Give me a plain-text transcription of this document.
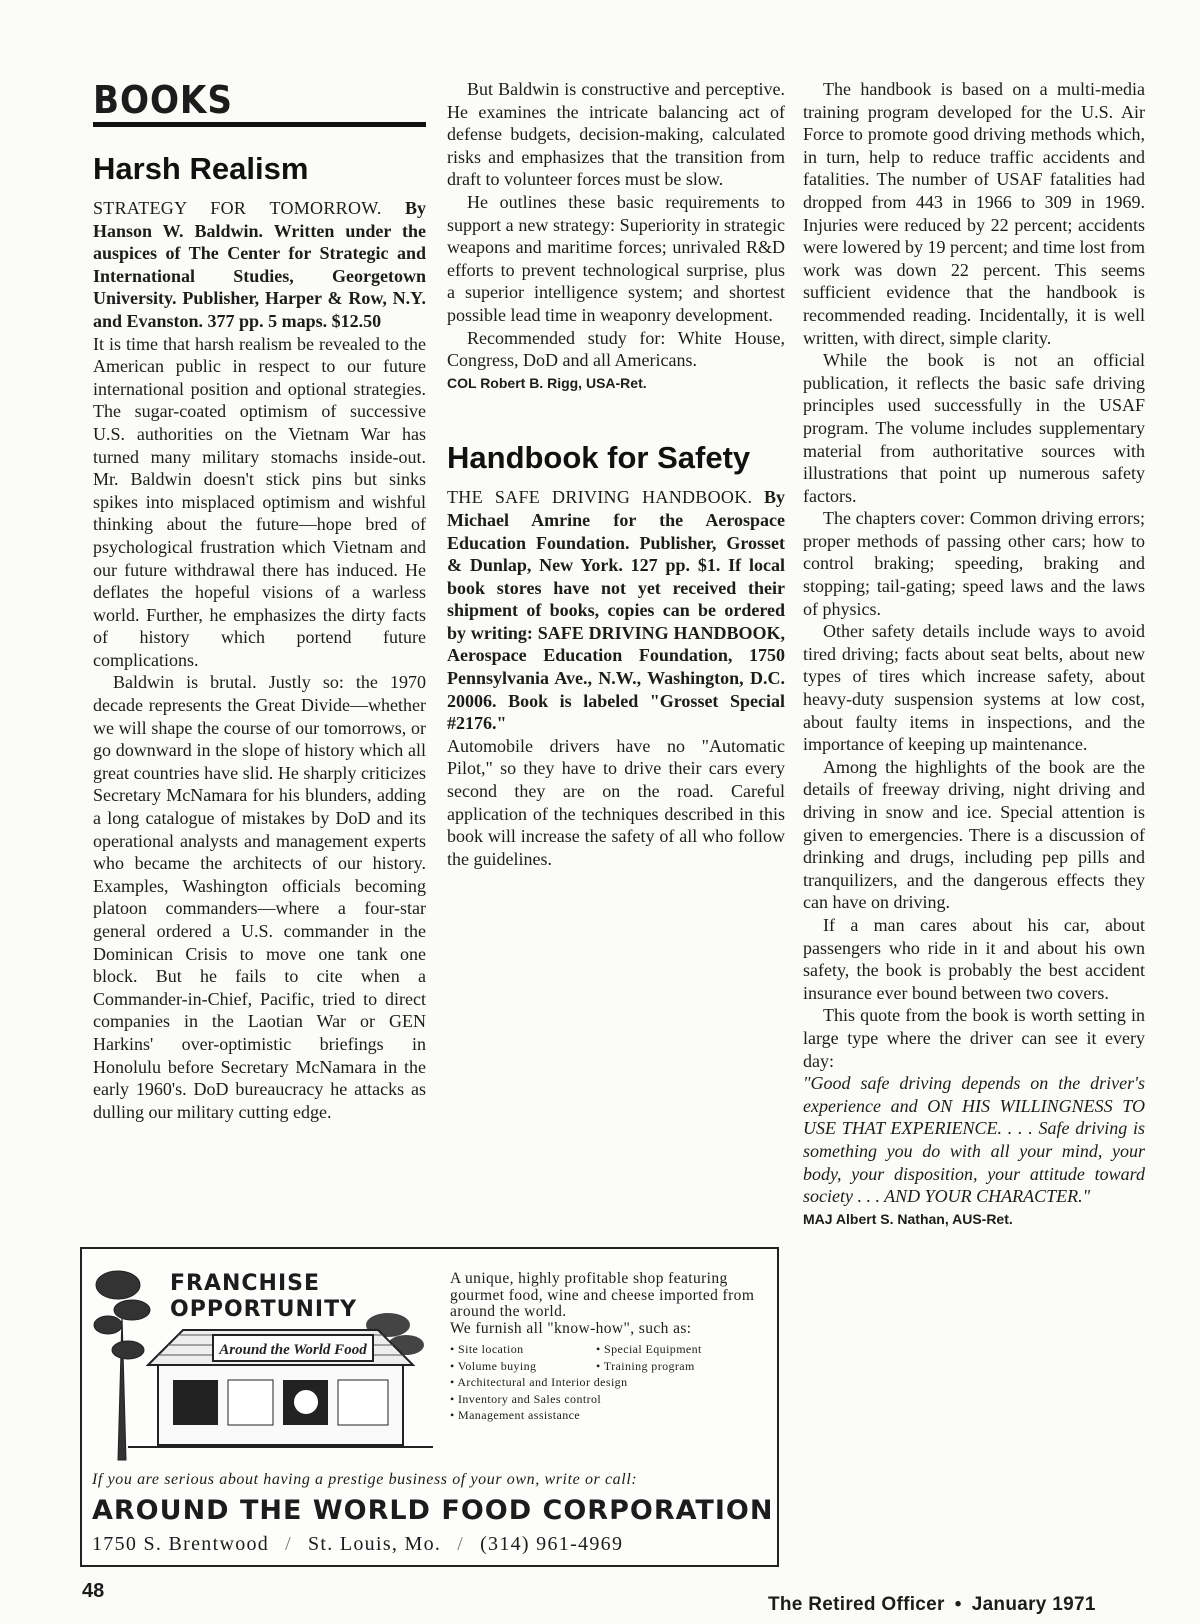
BOOKS
Harsh Realism

STRATEGY FOR TOMORROW. By Hanson W. Baldwin. Written under the auspices of The Center for Strategic and International Studies, Georgetown University. Publisher, Harper & Row, N.Y. and Evanston. 377 pp. 5 maps. $12.50

It is time that harsh realism be revealed to the American public in respect to our future international position and optional strategies. The sugar-coated optimism of successive U.S. authorities on the Vietnam War has turned many military stomachs inside-out. Mr. Baldwin doesn't stick pins but sinks spikes into misplaced optimism and wishful thinking about the future—hope bred of psychological frustration which Vietnam and our future withdrawal there has induced. He deflates the hopeful visions of a warless world. Further, he emphasizes the dirty facts of history which portend future complications.

Baldwin is brutal. Justly so: the 1970 decade represents the Great Divide—whether we will shape the course of our tomorrows, or go downward in the slope of history which all great countries have slid. He sharply criticizes Secretary McNamara for his blunders, adding a long catalogue of mistakes by DoD and its operational analysts and management experts who became the architects of our history. Examples, Washington officials becoming platoon commanders—where a four-star general ordered a U.S. commander in the Dominican Crisis to move one tank one block. But he fails to cite when a Commander-in-Chief, Pacific, tried to direct companies in the Laotian War or GEN Harkins' over-optimistic briefings in Honolulu before Secretary McNamara in the early 1960's. DoD bureaucracy he attacks as dulling our military cutting edge.

But Baldwin is constructive and perceptive. He examines the intricate balancing act of defense budgets, decision-making, calculated risks and emphasizes that the transition from draft to volunteer forces must be slow.

He outlines these basic requirements to support a new strategy: Superiority in strategic weapons and maritime forces; unrivaled R&D efforts to prevent technological surprise, plus a superior intelligence system; and shortest possible lead time in weaponry development.

Recommended study for: White House, Congress, DoD and all Americans.

COL Robert B. Rigg, USA-Ret.

Handbook for Safety

THE SAFE DRIVING HANDBOOK. By Michael Amrine for the Aerospace Education Foundation. Publisher, Grosset & Dunlap, New York. 127 pp. $1. If local book stores have not yet received their shipment of books, copies can be ordered by writing: SAFE DRIVING HANDBOOK, Aerospace Education Foundation, 1750 Pennsylvania Ave., N.W., Washington, D.C. 20006. Book is labeled "Grosset Special #2176."

Automobile drivers have no "Automatic Pilot," so they have to drive their cars every second they are on the road. Careful application of the techniques described in this book will increase the safety of all who follow the guidelines.

The handbook is based on a multi-media training program developed for the U.S. Air Force to promote good driving methods which, in turn, help to reduce traffic accidents and fatalities. The number of USAF fatalities had dropped from 443 in 1966 to 309 in 1969. Injuries were reduced by 22 percent; accidents were lowered by 19 percent; and time lost from work was down 22 percent. This seems sufficient evidence that the handbook is recommended reading. Incidentally, it is well written, with direct, simple clarity.

While the book is not an official publication, it reflects the basic safe driving principles used successfully in the USAF program. The volume includes supplementary material from authoritative sources with illustrations that point up numerous safety factors.

The chapters cover: Common driving errors; proper methods of passing other cars; how to control braking; speeding, braking and stopping; tail-gating; speed laws and the laws of physics.

Other safety details include ways to avoid tired driving; facts about seat belts, about new types of tires which increase safety, about heavy-duty suspension systems at low cost, about faulty items in inspections, and the importance of keeping up maintenance.

Among the highlights of the book are the details of freeway driving, night driving and driving in snow and ice. Special attention is given to emergencies. There is a discussion of drinking and drugs, including pep pills and tranquilizers, and the dangerous effects they can have on driving.

If a man cares about his car, about passengers who ride in it and about his own safety, the book is probably the best accident insurance ever bound between two covers.

This quote from the book is worth setting in large type where the driver can see it every day:

"Good safe driving depends on the driver's experience and ON HIS WILLINGNESS TO USE THAT EXPERIENCE. . . . Safe driving is something you do with all your mind, your body, your disposition, your attitude toward society . . . AND YOUR CHARACTER."

MAJ Albert S. Nathan, AUS-Ret.

Around the World Food
FRANCHISE
OPPORTUNITY

A unique, highly profitable shop featuring gourmet food, wine and cheese imported from around the world.

We furnish all "know-how", such as:

• Site location	• Special Equipment
• Volume buying	• Training program
• Architectural and Interior design
• Inventory and Sales control
• Management assistance
If you are serious about having a prestige business of your own, write or call:
AROUND THE WORLD FOOD CORPORATION
1750 S. Brentwood / St. Louis, Mo. / (314) 961-4969
48
The Retired Officer • January 1971
